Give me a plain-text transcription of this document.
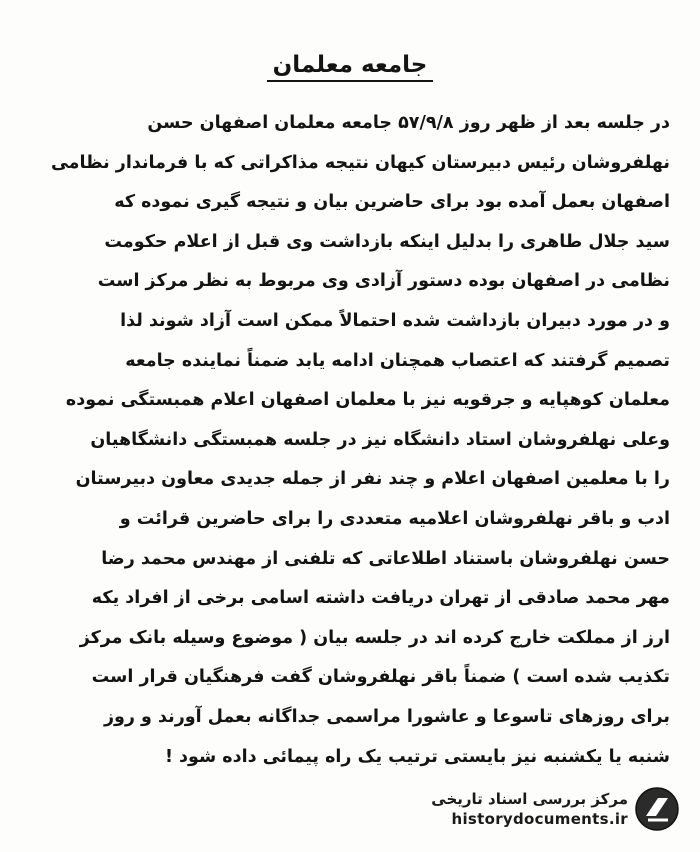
جامعه معلمان
در جلسه بعد از ظهر روز ۵۷/۹/۸ جامعه معلمان اصفهان حسن
نهلفروشان رئیس دبیرستان کیهان نتیجه مذاکراتی که با فرماندار نظامی
اصفهان بعمل آمده بود برای حاضرین بیان و نتیجه گیری نموده که
سید جلال طاهری را بدلیل اینکه بازداشت وی قبل از اعلام حکومت
نظامی در اصفهان بوده دستور آزادی وی مربوط به نظر مرکز است
و در مورد دبیران بازداشت شده احتمالاً ممکن است آزاد شوند لذا
تصمیم گرفتند که اعتصاب همچنان ادامه یابد ضمناً نماینده جامعه
معلمان کوهپایه و جرقویه نیز با معلمان اصفهان اعلام همبستگی نموده
وعلی نهلفروشان استاد دانشگاه نیز در جلسه همبستگی دانشگاهیان
را با معلمین اصفهان اعلام و چند نفر از جمله جدیدی معاون دبیرستان
ادب و باقر نهلفروشان اعلامیه متعددی را برای حاضرین قرائت و
حسن نهلفروشان باستناد اطلاعاتی که تلفنی از مهندس محمد رضا
مهر محمد صادقی از تهران دریافت داشته اسامی برخی از افراد یکه
ارز از مملکت خارج کرده اند در جلسه بیان ( موضوع وسیله بانک مرکز
تکذیب شده است ) ضمناً باقر نهلفروشان گفت فرهنگیان قرار است
برای روزهای تاسوعا و عاشورا مراسمی جداگانه بعمل آورند و روز
شنبه یا یکشنبه نیز بایستی ترتیب یک راه پیمائی داده شود !
مرکز بررسی اسناد تاریخی
historydocuments.ir
